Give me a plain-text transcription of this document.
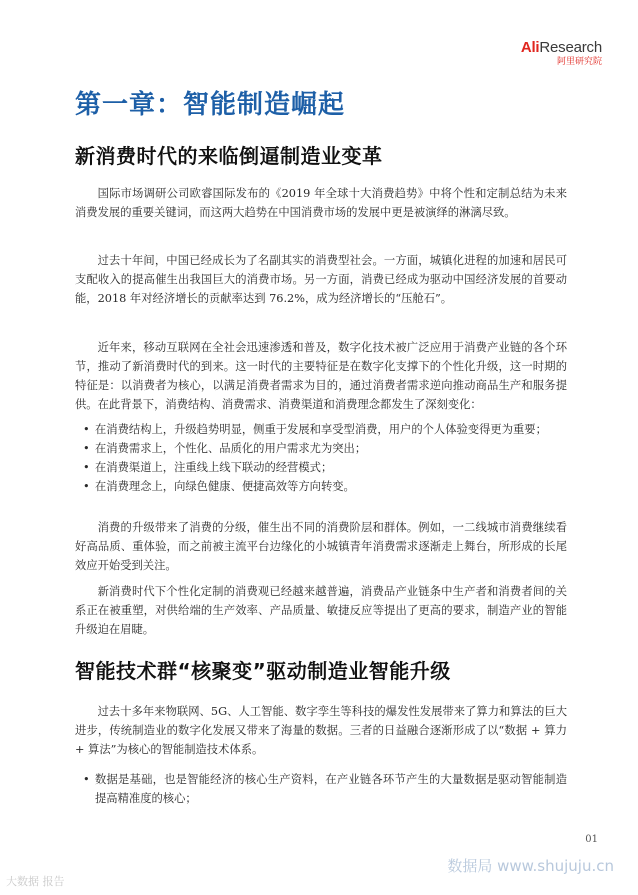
AliResearch
阿里研究院
第一章：智能制造崛起
新消费时代的来临倒逼制造业变革

国际市场调研公司欧睿国际发布的《2019 年全球十大消费趋势》中将个性和定制总结为未来消费发展的重要关键词，而这两大趋势在中国消费市场的发展中更是被演绎的淋漓尽致。

过去十年间，中国已经成长为了名副其实的消费型社会。一方面，城镇化进程的加速和居民可支配收入的提高催生出我国巨大的消费市场。另一方面，消费已经成为驱动中国经济发展的首要动能，2018 年对经济增长的贡献率达到 76.2%，成为经济增长的“压舱石”。

近年来，移动互联网在全社会迅速渗透和普及，数字化技术被广泛应用于消费产业链的各个环节，推动了新消费时代的到来。这一时代的主要特征是在数字化支撑下的个性化升级，这一时期的特征是：以消费者为核心，以满足消费者需求为目的，通过消费者需求逆向推动商品生产和服务提供。在此背景下，消费结构、消费需求、消费渠道和消费理念都发生了深刻变化：

• 在消费结构上，升级趋势明显，侧重于发展和享受型消费，用户的个人体验变得更为重要；
• 在消费需求上，个性化、品质化的用户需求尤为突出；
• 在消费渠道上，注重线上线下联动的经营模式；
• 在消费理念上，向绿色健康、便捷高效等方向转变。

消费的升级带来了消费的分级，催生出不同的消费阶层和群体。例如，一二线城市消费继续看好高品质、重体验，而之前被主流平台边缘化的小城镇青年消费需求逐渐走上舞台，所形成的长尾效应开始受到关注。

新消费时代下个性化定制的消费观已经越来越普遍，消费品产业链条中生产者和消费者间的关系正在被重塑，对供给端的生产效率、产品质量、敏捷反应等提出了更高的要求，制造产业的智能升级迫在眉睫。

智能技术群“核聚变”驱动制造业智能升级

过去十多年来物联网、5G、人工智能、数字孪生等科技的爆发性发展带来了算力和算法的巨大进步，传统制造业的数字化发展又带来了海量的数据。三者的日益融合逐渐形成了以“数据 + 算力 + 算法”为核心的智能制造技术体系。

• 数据是基础，也是智能经济的核心生产资料，在产业链各环节产生的大量数据是驱动智能制造提高精准度的核心；
01
大数据 报告
数据局 www.shujuju.cn
